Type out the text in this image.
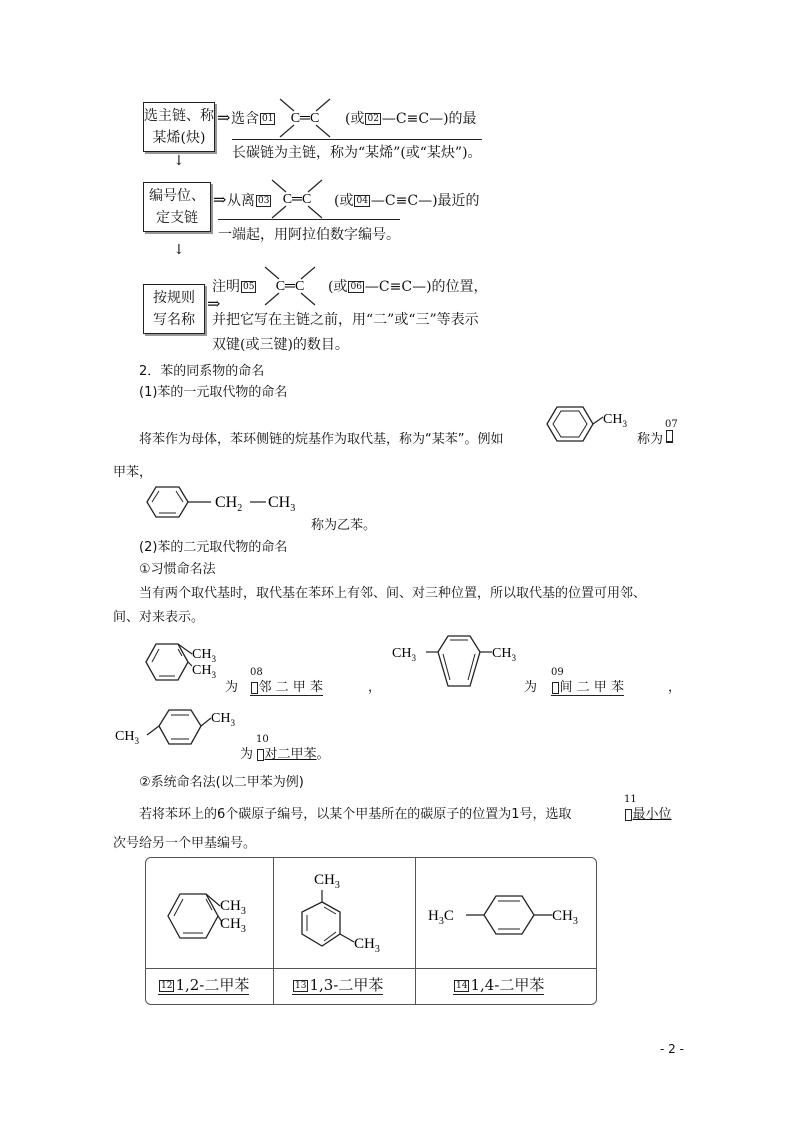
选主链、称
某烯(炔)
⇒ 选含 01 C═C (或 02 —C≡C—)的最
长碳链为主链，称为“某烯”(或“某炔”)。
↓
编号位、
定支链
⇒ 从离 03 C═C (或 04 —C≡C—)最近的
一端起，用阿拉伯数字编号。
↓
按规则
写名称
⇒
注明 05 C═C (或 06 —C≡C—)的位置，
并把它写在主链之前，用“二”或“三”等表示
双键(或三键)的数目。
2．苯的同系物的命名
(1)苯的一元取代物的命名
将苯作为母体，苯环侧链的烷基作为取代基，称为“某苯”。例如
$CH_3$
称为
07

甲苯，
$CH_2$ $CH_3$
称为乙苯。
(2)苯的二元取代物的命名
①习惯命名法
当有两个取代基时，取代基在苯环上有邻、间、对三种位置，所以取代基的位置可用邻、
间、对来表示。
$CH_3$
$CH_3$
为
08
邻 二 甲 苯	，
$CH_3$	$CH_3$
为
09
间 二 甲 苯	，
$CH_3$
$CH_3$
为
10
对二甲苯。
②系统命名法(以二甲苯为例)
若将苯环上的6个碳原子编号，以某个甲基所在的碳原子的位置为1号，选取
11
最小位
次号给另一个甲基编号。
$CH_3$
$CH_3$
$CH_3$
$CH_3$
$H_3C$	$CH_3$
12 1,2-二甲苯	13 1,3-二甲苯	14 1,4-二甲苯
- 2 -
